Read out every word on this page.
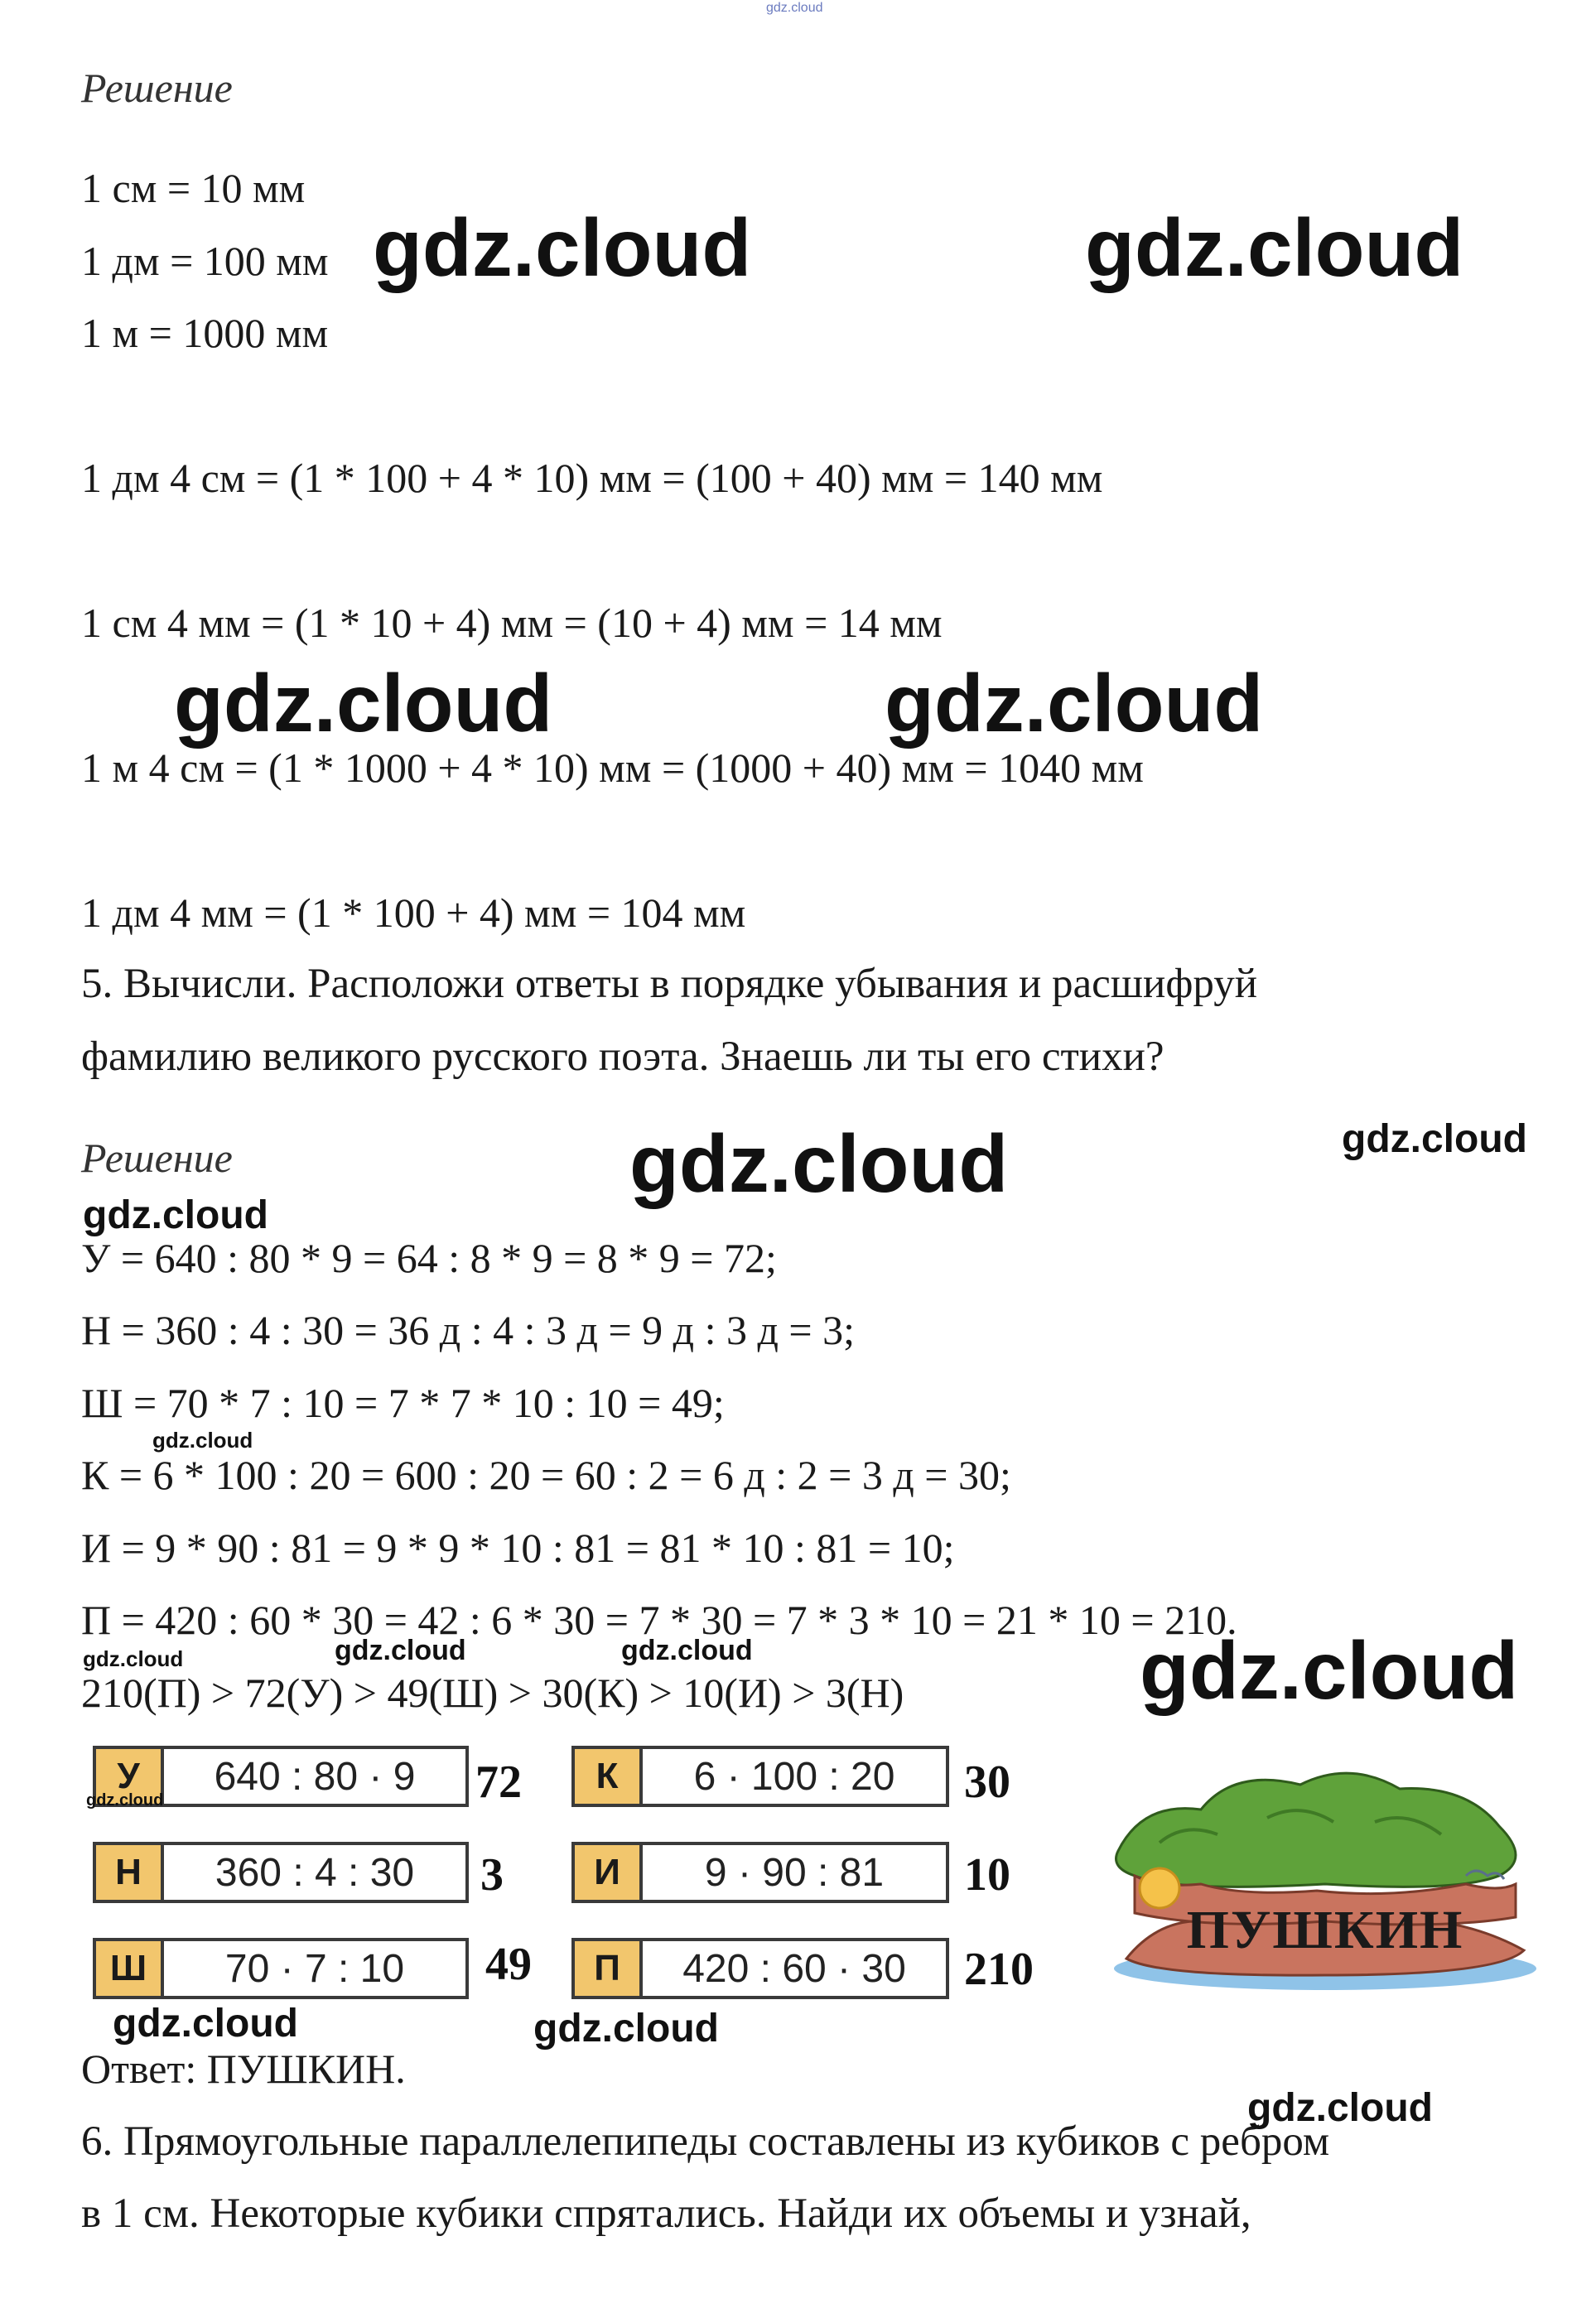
gdz.cloud
Решение
1 см = 10 мм
1 дм = 100 мм
1 м = 1000 мм
1 дм 4 см = (1 * 100 + 4 * 10) мм = (100 + 40) мм = 140 мм
1 см 4 мм = (1 * 10 + 4) мм = (10 + 4) мм = 14 мм
1 м 4 см = (1 * 1000 + 4 * 10) мм = (1000 + 40) мм = 1040 мм
1 дм 4 мм = (1 * 100 + 4) мм = 104 мм
5. Вычисли. Расположи ответы в порядке убывания и расшифруй
фамилию великого русского поэта. Знаешь ли ты его стихи?
Решение
У = 640 : 80 * 9 = 64 : 8 * 9 = 8 * 9 = 72;
Н = 360 : 4 : 30 = 36 д : 4 : 3 д = 9 д : 3 д = 3;
Ш = 70 * 7 : 10 = 7 * 7 * 10 : 10 = 49;
К = 6 * 100 : 20 = 600 : 20 = 60 : 2 = 6 д : 2 = 3 д = 30;
И = 9 * 90 : 81 = 9 * 9 * 10 : 81 = 81 * 10 : 81 = 10;
П = 420 : 60 * 30 = 42 : 6 * 30 = 7 * 30 = 7 * 3 * 10 = 21 * 10 = 210.
210(П) > 72(У) > 49(Ш) > 30(К) > 10(И) > 3(Н)
У	640 : 80 · 9	72
Н	360 : 4 : 30	3
Ш	70 · 7 : 10	49
К	6 · 100 : 20	30
И	9 · 90 : 81	10
П	420 : 60 · 30	210
ПУШКИН
Ответ: ПУШКИН.
6. Прямоугольные параллелепипеды составлены из кубиков с ребром
в 1 см. Некоторые кубики спрятались. Найди их объемы и узнай,
gdz.cloud	gdz.cloud
gdz.cloud	gdz.cloud
gdz.cloud
gdz.cloud
gdz.cloud
gdz.cloud
gdz.cloud	gdz.cloud
gdz.cloud
gdz.cloud	gdz.cloud
gdz.cloud
gdz.cloud
gdz.cloud
